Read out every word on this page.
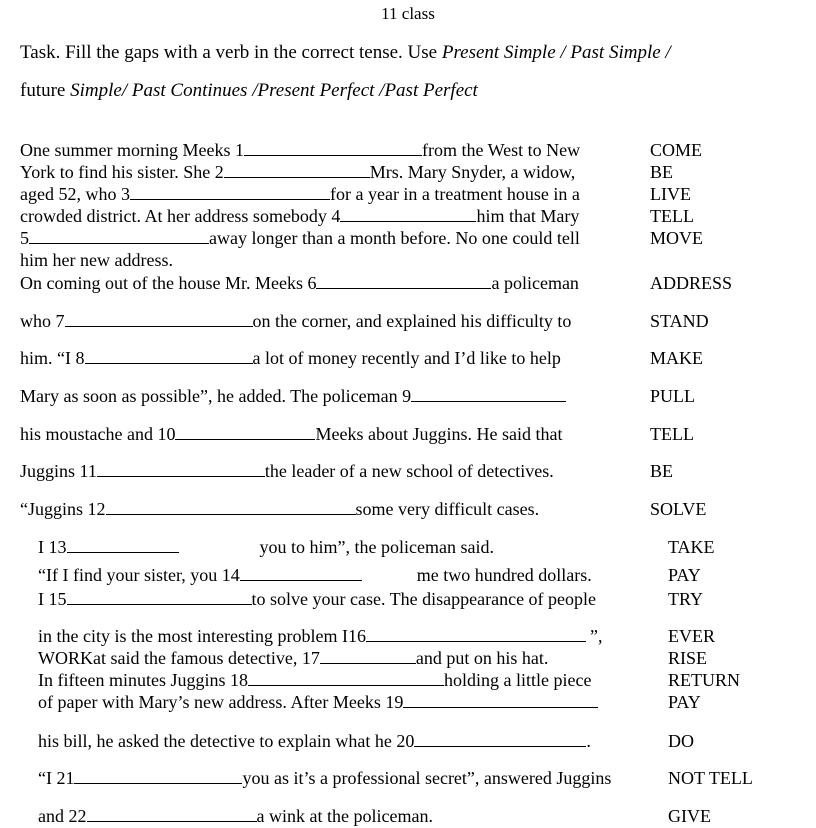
11 class
Task. Fill the gaps with a verb in the correct tense. Use Present Simple / Past Simple /
future Simple/ Past Continues /Present Perfect /Past Perfect
One summer morning Meeks 1	from the West to New	COME
York to find his sister. She 2	Mrs. Mary Snyder, a widow,	BE
aged 52, who 3	for a year in a treatment house in a	LIVE
crowded district. At her address somebody 4	him that Mary	TELL
5	away longer than a month before. No one could tell	MOVE
him her new address.
On coming out of the house Mr. Meeks 6	a policeman	ADDRESS
who 7	on the corner, and explained his difficulty to	STAND
him. “I 8	a lot of money recently and I’d like to help	MAKE
Mary as soon as possible”, he added. The policeman 9	PULL
his moustache and 10	Meeks about Juggins. He said that	TELL
Juggins 11	the leader of a new school of detectives.	BE
“Juggins 12	some very difficult cases.	SOLVE
I 13	you to him”, the policeman said.	TAKE
“If I find your sister, you 14	me two hundred dollars.	PAY
I 15	to solve your case. The disappearance of people	TRY
in the city is the most interesting problem I16	”,	EVER
WORKat said the famous detective, 17	and put on his hat.	RISE
In fifteen minutes Juggins 18	holding a little piece	RETURN
of paper with Mary’s new address. After Meeks 19	PAY
his bill, he asked the detective to explain what he 20	.	DO
“I 21	you as it’s a professional secret”, answered Juggins	NOT TELL
and 22	a wink at the policeman.	GIVE
